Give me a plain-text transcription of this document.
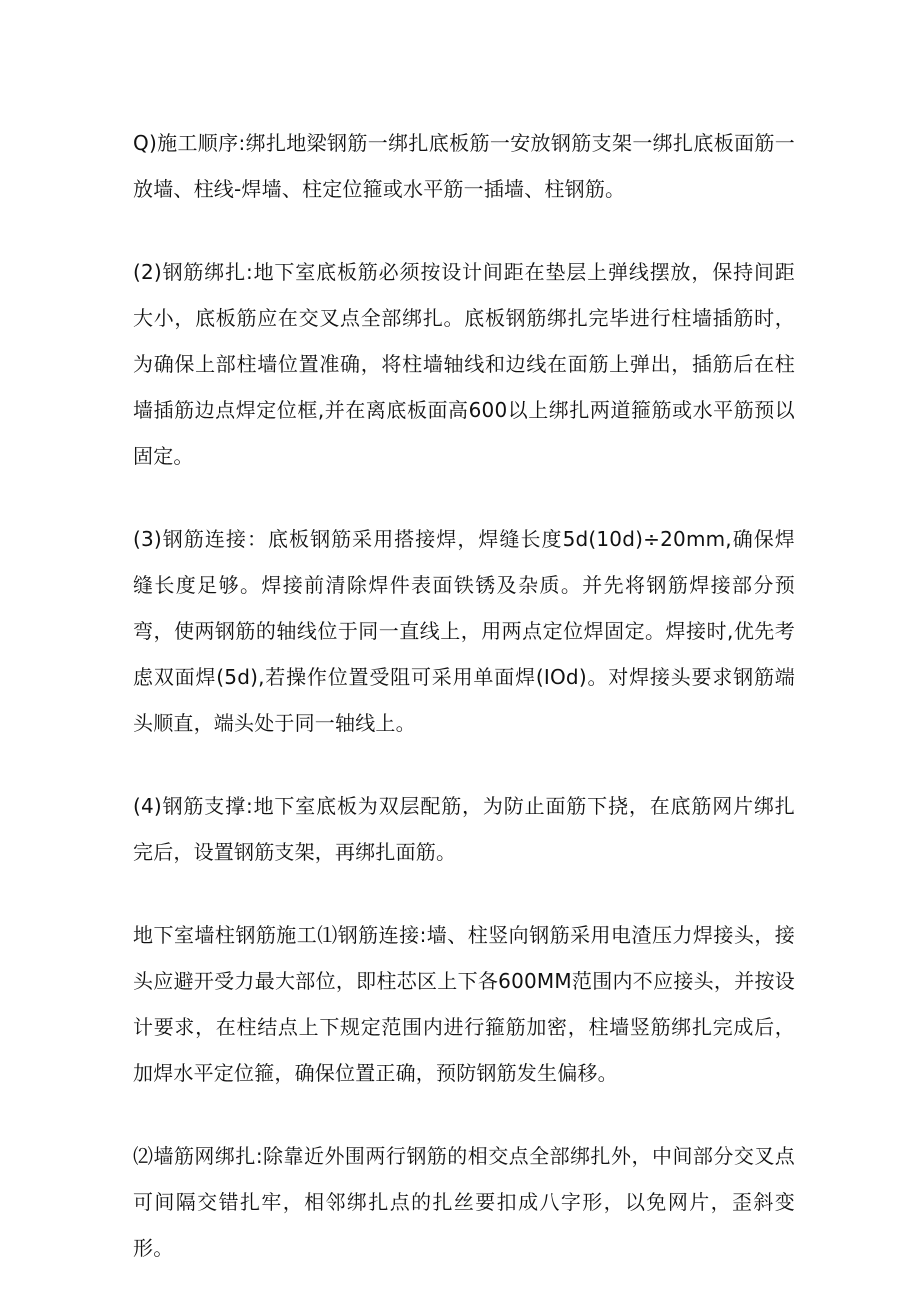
Q)施工顺序:绑扎地梁钢筋一绑扎底板筋一安放钢筋支架一绑扎底板面筋一放墙、柱线-焊墙、柱定位箍或水平筋一插墙、柱钢筋。

(2)钢筋绑扎:地下室底板筋必须按设计间距在垫层上弹线摆放，保持间距大小，底板筋应在交叉点全部绑扎。底板钢筋绑扎完毕进行柱墙插筋时，为确保上部柱墙位置准确，将柱墙轴线和边线在面筋上弹出，插筋后在柱墙插筋边点焊定位框,并在离底板面高600以上绑扎两道箍筋或水平筋预以固定。

(3)钢筋连接：底板钢筋采用搭接焊，焊缝长度5d(10d)÷20mm,确保焊缝长度足够。焊接前清除焊件表面铁锈及杂质。并先将钢筋焊接部分预弯，使两钢筋的轴线位于同一直线上，用两点定位焊固定。焊接时,优先考虑双面焊(5d),若操作位置受阻可采用单面焊(IOd)。对焊接头要求钢筋端头顺直，端头处于同一轴线上。

(4)钢筋支撑:地下室底板为双层配筋，为防止面筋下挠，在底筋网片绑扎完后，设置钢筋支架，再绑扎面筋。

地下室墙柱钢筋施工⑴钢筋连接:墙、柱竖向钢筋采用电渣压力焊接头，接头应避开受力最大部位，即柱芯区上下各600MM范围内不应接头，并按设计要求，在柱结点上下规定范围内进行箍筋加密，柱墙竖筋绑扎完成后，加焊水平定位箍，确保位置正确，预防钢筋发生偏移。

⑵墙筋网绑扎:除靠近外围两行钢筋的相交点全部绑扎外，中间部分交叉点可间隔交错扎牢，相邻绑扎点的扎丝要扣成八字形，以免网片，歪斜变形。
